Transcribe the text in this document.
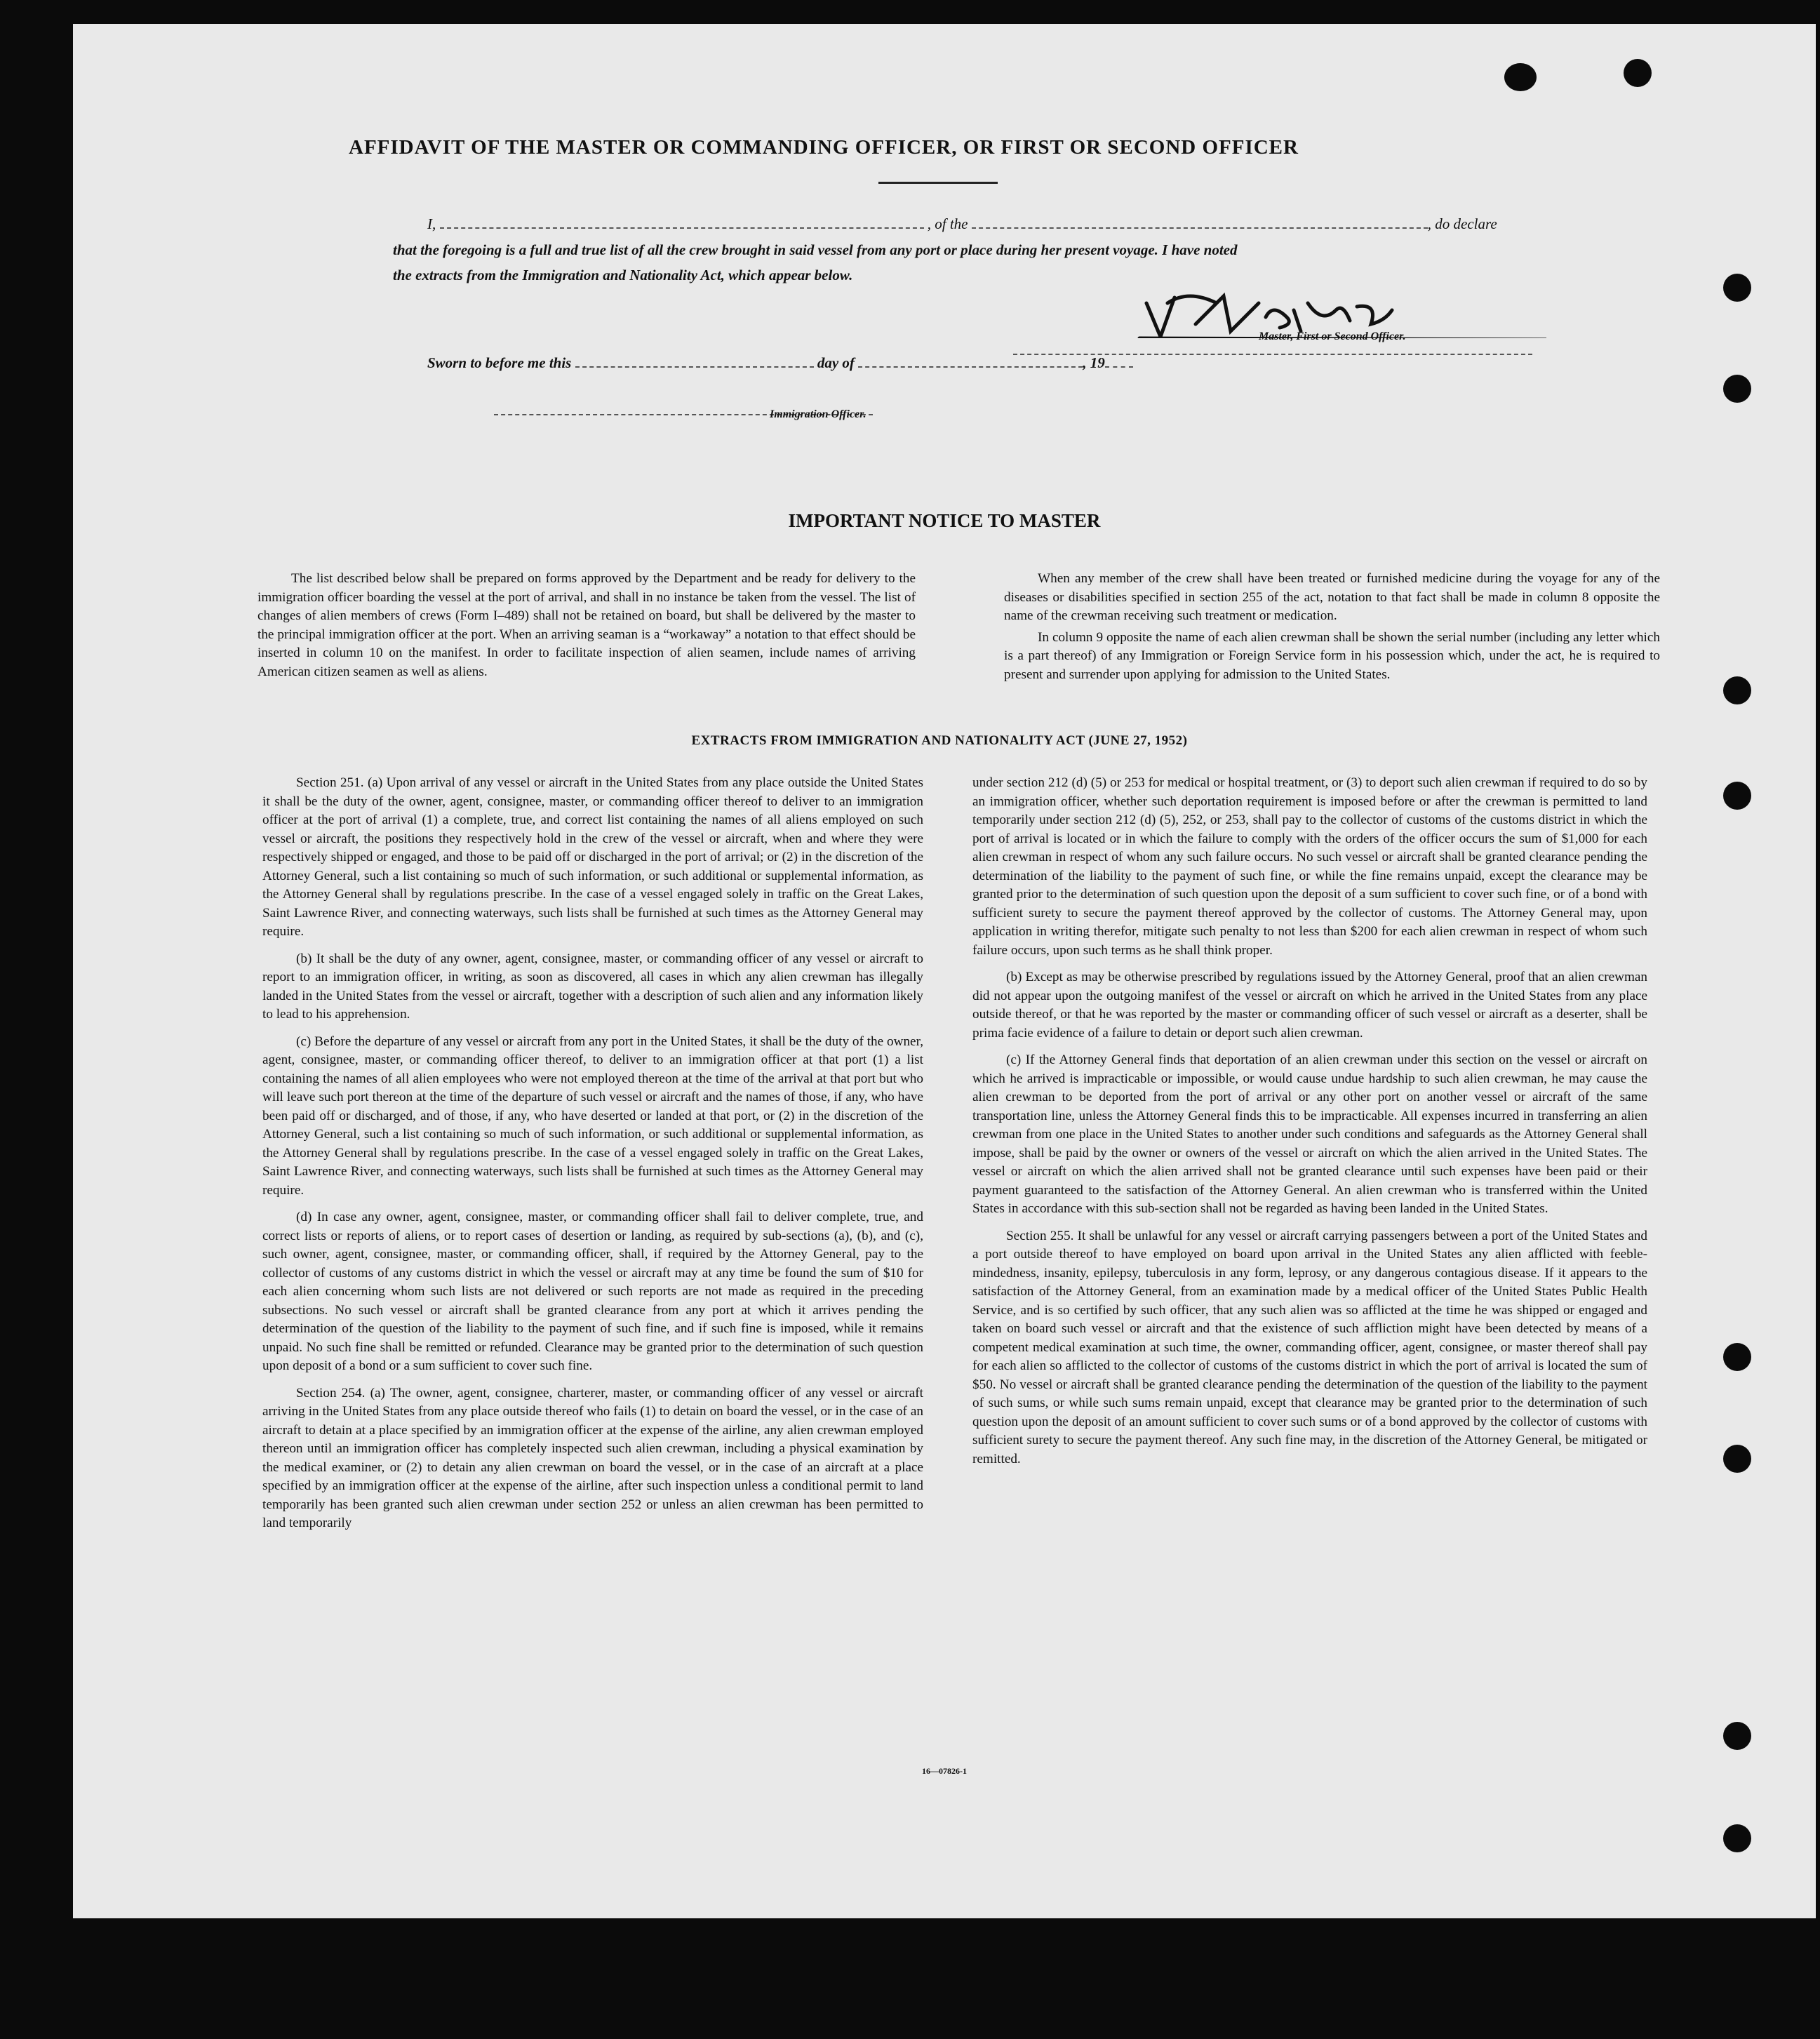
AFFIDAVIT OF THE MASTER OR COMMANDING OFFICER, OR FIRST OR SECOND OFFICER
I,	, of the	, do declare
that the foregoing is a full and true list of all the crew brought in said vessel from any port or place during her present voyage. I have noted
the extracts from the Immigration and Nationality Act, which appear below.
Master, First or Second Officer.
Sworn to before me this	day of	, 19
Immigration Officer.
IMPORTANT NOTICE TO MASTER

The list described below shall be prepared on forms approved by the Department and be ready for delivery to the immigration officer boarding the vessel at the port of arrival, and shall in no instance be taken from the vessel. The list of changes of alien members of crews (Form I–489) shall not be retained on board, but shall be delivered by the master to the principal immigration officer at the port. When an arriving seaman is a “workaway” a notation to that effect should be inserted in column 10 on the manifest. In order to facilitate inspection of alien seamen, include names of arriving American citizen seamen as well as aliens.

When any member of the crew shall have been treated or furnished medicine during the voyage for any of the diseases or disabilities specified in section 255 of the act, notation to that fact shall be made in column 8 opposite the name of the crewman receiving such treatment or medication.

In column 9 opposite the name of each alien crewman shall be shown the serial number (including any letter which is a part thereof) of any Immigration or Foreign Service form in his possession which, under the act, he is required to present and surrender upon applying for admission to the United States.

EXTRACTS FROM IMMIGRATION AND NATIONALITY ACT (JUNE 27, 1952)

Section 251. (a) Upon arrival of any vessel or aircraft in the United States from any place outside the United States it shall be the duty of the owner, agent, consignee, master, or commanding officer thereof to deliver to an immigration officer at the port of arrival (1) a complete, true, and correct list containing the names of all aliens employed on such vessel or aircraft, the positions they respectively hold in the crew of the vessel or aircraft, when and where they were respectively shipped or engaged, and those to be paid off or discharged in the port of arrival; or (2) in the discretion of the Attorney General, such a list containing so much of such information, or such additional or supplemental information, as the Attorney General shall by regulations prescribe. In the case of a vessel engaged solely in traffic on the Great Lakes, Saint Lawrence River, and connecting waterways, such lists shall be furnished at such times as the Attorney General may require.

(b) It shall be the duty of any owner, agent, consignee, master, or commanding officer of any vessel or aircraft to report to an immigration officer, in writing, as soon as discovered, all cases in which any alien crewman has illegally landed in the United States from the vessel or aircraft, together with a description of such alien and any information likely to lead to his apprehension.

(c) Before the departure of any vessel or aircraft from any port in the United States, it shall be the duty of the owner, agent, consignee, master, or commanding officer thereof, to deliver to an immigration officer at that port (1) a list containing the names of all alien employees who were not employed thereon at the time of the arrival at that port but who will leave such port thereon at the time of the departure of such vessel or aircraft and the names of those, if any, who have been paid off or discharged, and of those, if any, who have deserted or landed at that port, or (2) in the discretion of the Attorney General, such a list containing so much of such information, or such additional or supplemental information, as the Attorney General shall by regulations prescribe. In the case of a vessel engaged solely in traffic on the Great Lakes, Saint Lawrence River, and connecting waterways, such lists shall be furnished at such times as the Attorney General may require.

(d) In case any owner, agent, consignee, master, or commanding officer shall fail to deliver complete, true, and correct lists or reports of aliens, or to report cases of desertion or landing, as required by sub-sections (a), (b), and (c), such owner, agent, consignee, master, or commanding officer, shall, if required by the Attorney General, pay to the collector of customs of any customs district in which the vessel or aircraft may at any time be found the sum of $10 for each alien concerning whom such lists are not delivered or such reports are not made as required in the preceding subsections. No such vessel or aircraft shall be granted clearance from any port at which it arrives pending the determination of the question of the liability to the payment of such fine, and if such fine is imposed, while it remains unpaid. No such fine shall be remitted or refunded. Clearance may be granted prior to the determination of such question upon deposit of a bond or a sum sufficient to cover such fine.

Section 254. (a) The owner, agent, consignee, charterer, master, or commanding officer of any vessel or aircraft arriving in the United States from any place outside thereof who fails (1) to detain on board the vessel, or in the case of an aircraft to detain at a place specified by an immigration officer at the expense of the airline, any alien crewman employed thereon until an immigration officer has completely inspected such alien crewman, including a physical examination by the medical examiner, or (2) to detain any alien crewman on board the vessel, or in the case of an aircraft at a place specified by an immigration officer at the expense of the airline, after such inspection unless a conditional permit to land temporarily has been granted such alien crewman under section 252 or unless an alien crewman has been permitted to land temporarily

under section 212 (d) (5) or 253 for medical or hospital treatment, or (3) to deport such alien crewman if required to do so by an immigration officer, whether such deportation requirement is imposed before or after the crewman is permitted to land temporarily under section 212 (d) (5), 252, or 253, shall pay to the collector of customs of the customs district in which the port of arrival is located or in which the failure to comply with the orders of the officer occurs the sum of $1,000 for each alien crewman in respect of whom any such failure occurs. No such vessel or aircraft shall be granted clearance pending the determination of the liability to the payment of such fine, or while the fine remains unpaid, except the clearance may be granted prior to the determination of such question upon the deposit of a sum sufficient to cover such fine, or of a bond with sufficient surety to secure the payment thereof approved by the collector of customs. The Attorney General may, upon application in writing therefor, mitigate such penalty to not less than $200 for each alien crewman in respect of whom such failure occurs, upon such terms as he shall think proper.

(b) Except as may be otherwise prescribed by regulations issued by the Attorney General, proof that an alien crewman did not appear upon the outgoing manifest of the vessel or aircraft on which he arrived in the United States from any place outside thereof, or that he was reported by the master or commanding officer of such vessel or aircraft as a deserter, shall be prima facie evidence of a failure to detain or deport such alien crewman.

(c) If the Attorney General finds that deportation of an alien crewman under this section on the vessel or aircraft on which he arrived is impracticable or impossible, or would cause undue hardship to such alien crewman, he may cause the alien crewman to be deported from the port of arrival or any other port on another vessel or aircraft of the same transportation line, unless the Attorney General finds this to be impracticable. All expenses incurred in transferring an alien crewman from one place in the United States to another under such conditions and safeguards as the Attorney General shall impose, shall be paid by the owner or owners of the vessel or aircraft on which the alien arrived in the United States. The vessel or aircraft on which the alien arrived shall not be granted clearance until such expenses have been paid or their payment guaranteed to the satisfaction of the Attorney General. An alien crewman who is transferred within the United States in accordance with this sub-section shall not be regarded as having been landed in the United States.

Section 255. It shall be unlawful for any vessel or aircraft carrying passengers between a port of the United States and a port outside thereof to have employed on board upon arrival in the United States any alien afflicted with feeble-mindedness, insanity, epilepsy, tuberculosis in any form, leprosy, or any dangerous contagious disease. If it appears to the satisfaction of the Attorney General, from an examination made by a medical officer of the United States Public Health Service, and is so certified by such officer, that any such alien was so afflicted at the time he was shipped or engaged and taken on board such vessel or aircraft and that the existence of such affliction might have been detected by means of a competent medical examination at such time, the owner, commanding officer, agent, consignee, or master thereof shall pay for each alien so afflicted to the collector of customs of the customs district in which the port of arrival is located the sum of $50. No vessel or aircraft shall be granted clearance pending the determination of the question of the liability to the payment of such sums, or while such sums remain unpaid, except that clearance may be granted prior to the determination of such question upon the deposit of an amount sufficient to cover such sums or of a bond approved by the collector of customs with sufficient surety to secure the payment thereof. Any such fine may, in the discretion of the Attorney General, be mitigated or remitted.

16—07826-1
